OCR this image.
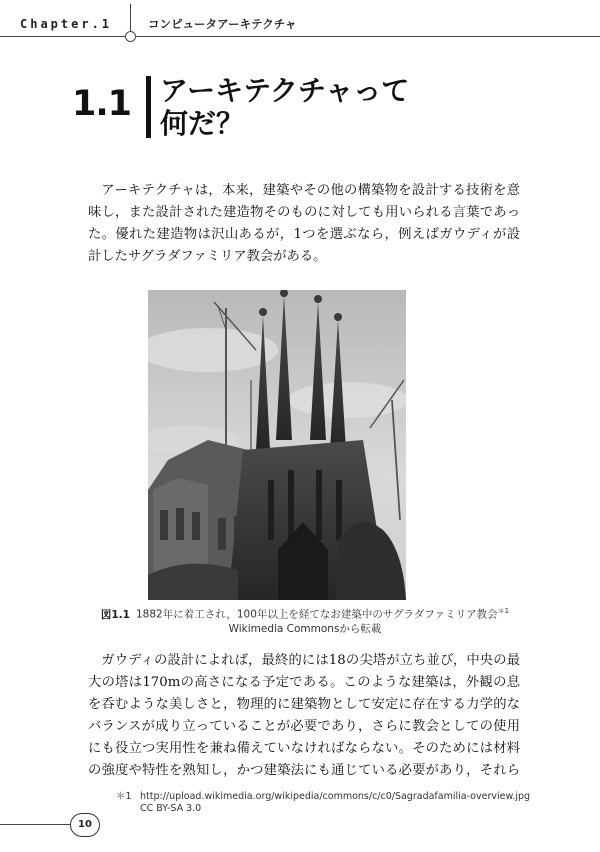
Chapter.1	コンピュータアーキテクチャ
1.1 アーキテクチャって
何だ？

アーキテクチャは，本来，建築やその他の構築物を設計する技術を意味し，また設計された建造物そのものに対しても用いられる言葉であった。優れた建造物は沢山あるが，1つを選ぶなら，例えばガウディが設計したサグラダファミリア教会がある。

図1.1 1882年に着工され，100年以上を経てなお建築中のサグラダファミリア教会$^{*1}$
Wikimedia Commonsから転載

ガウディの設計によれば，最終的には18の尖塔が立ち並び，中央の最大の塔は170mの高さになる予定である。このような建築は，外観の息を呑むような美しさと，物理的に建築物として安定に存在する力学的なバランスが成り立っていることが必要であり，さらに教会としての使用にも役立つ実用性を兼ね備えていなければならない。そのためには材料の強度や特性を熟知し，かつ建築法にも通じている必要があり，それら

＊1 http://upload.wikimedia.org/wikipedia/commons/c/c0/Sagradafamilia-overview.jpg
CC BY-SA 3.0
10
